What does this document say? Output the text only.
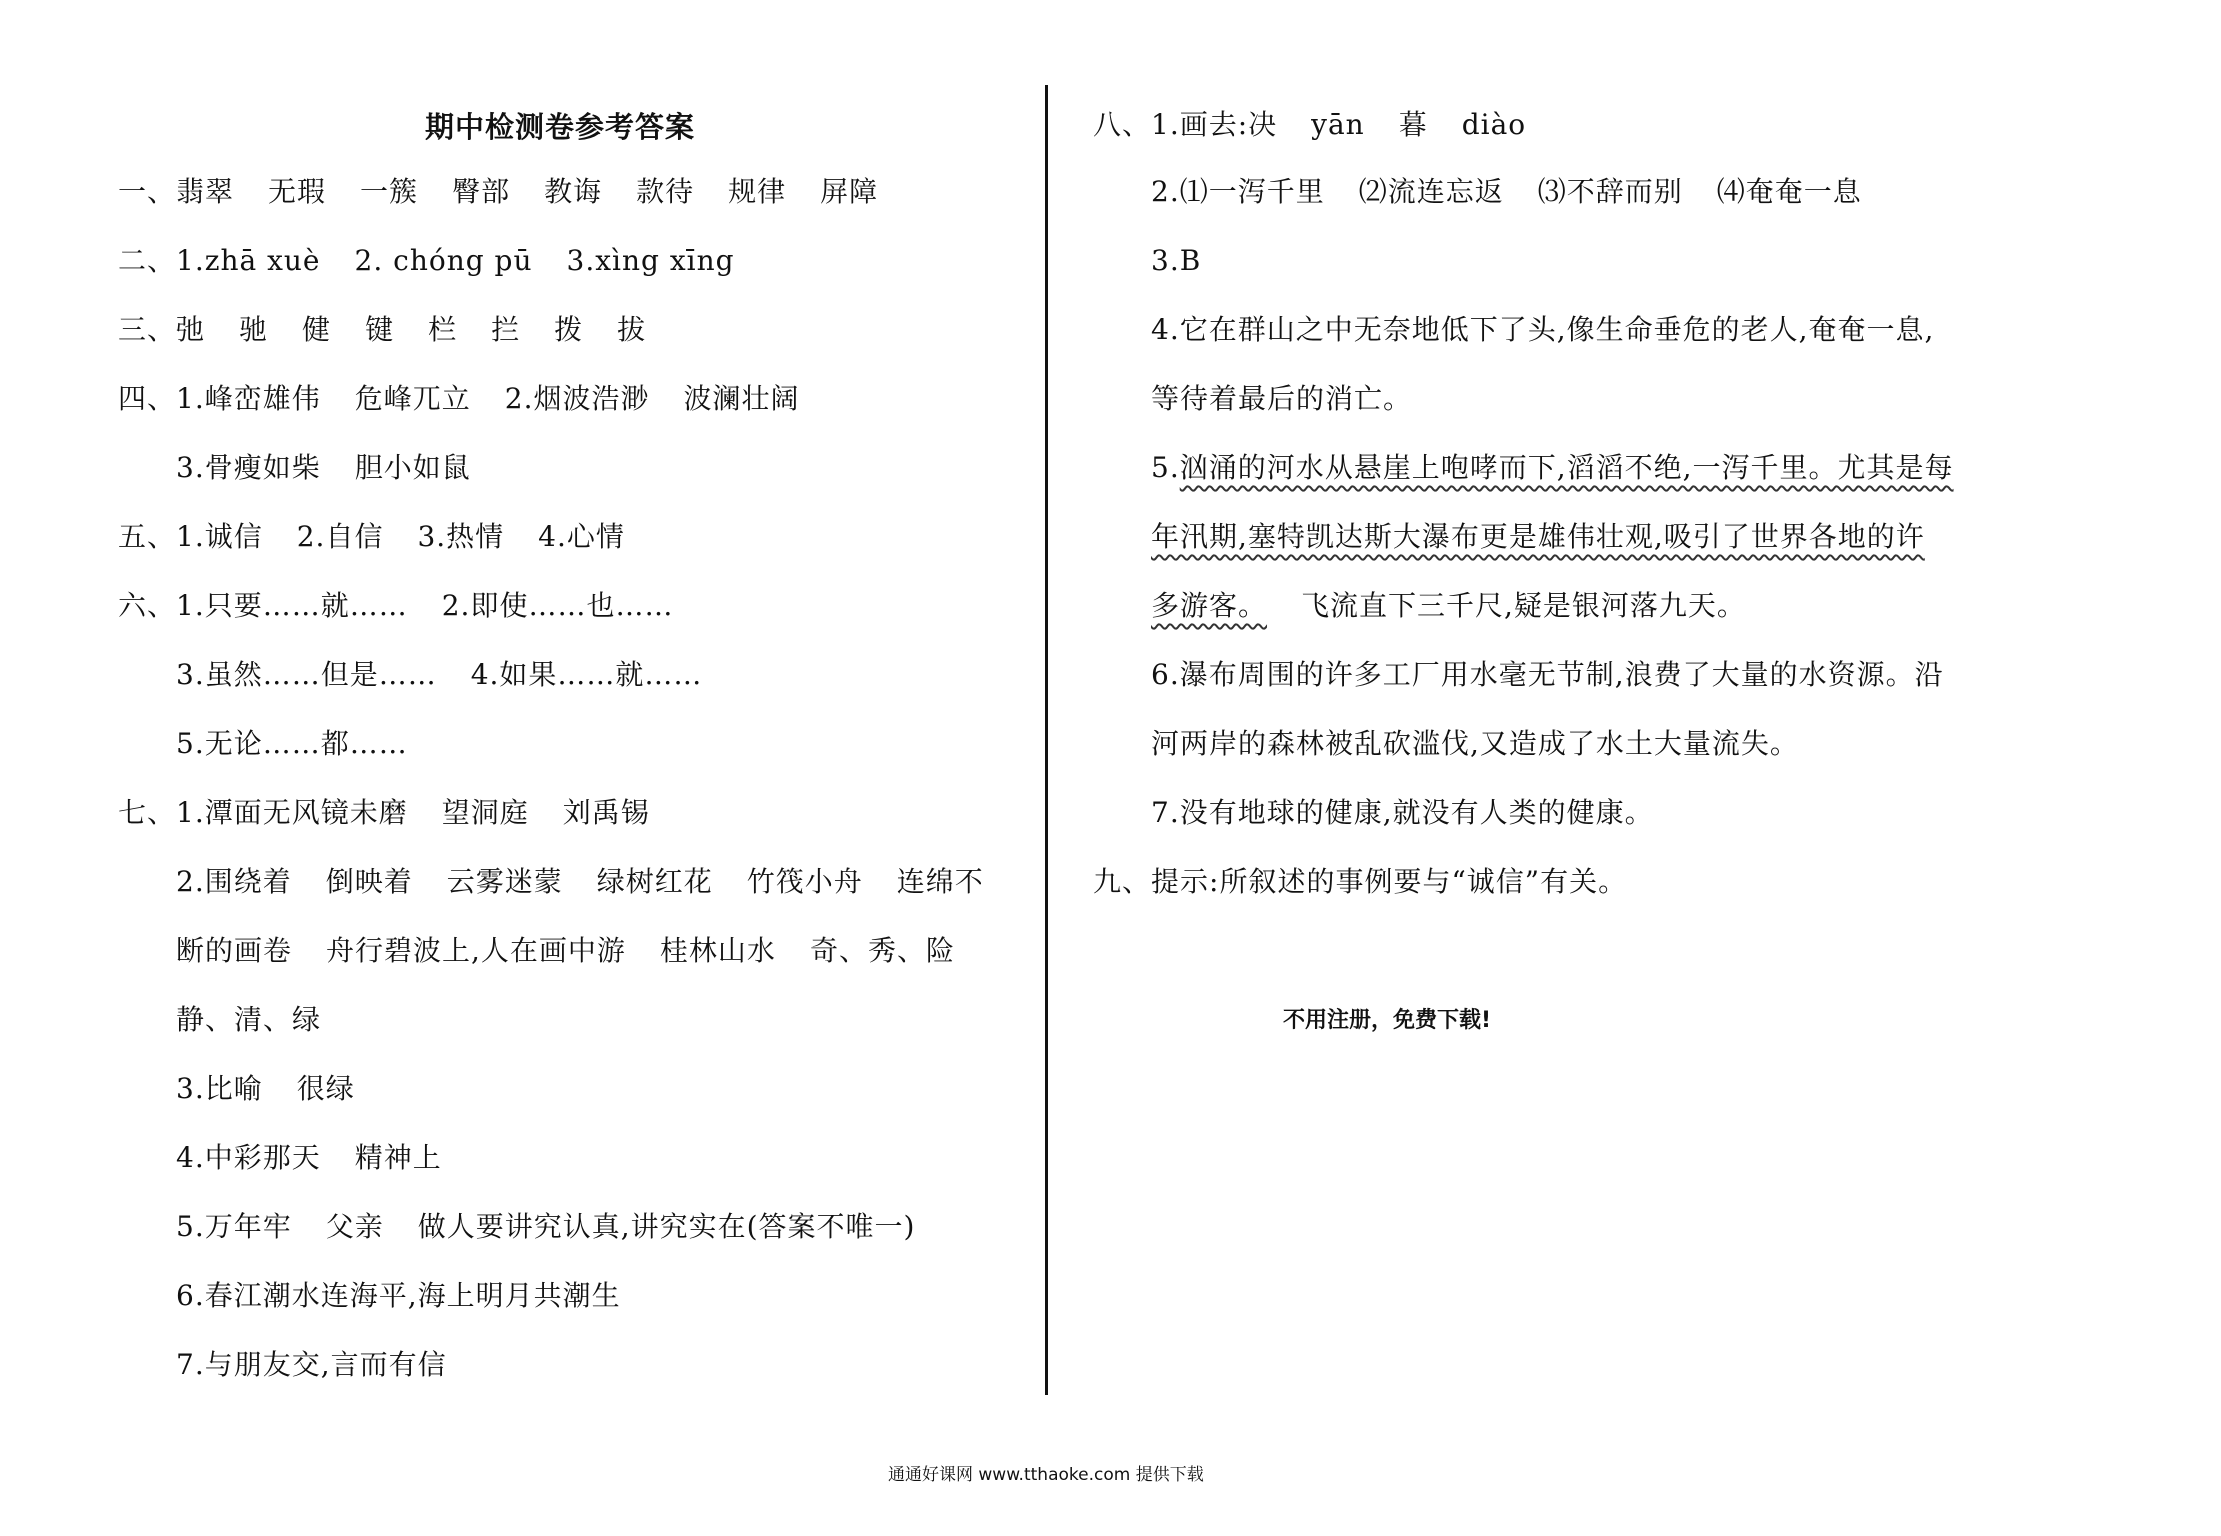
期中检测卷参考答案
一、翡翠 无瑕 一簇 臀部 教诲 款待 规律 屏障
二、1.zhā xuè 2. chóng pū 3.xìng xīng
三、弛 驰 健 键 栏 拦 拨 拔
四、1.峰峦雄伟 危峰兀立 2.烟波浩渺 波澜壮阔
3.骨瘦如柴 胆小如鼠
五、1.诚信 2.自信 3.热情 4.心情
六、1.只要……就…… 2.即使……也……
3.虽然……但是…… 4.如果……就……
5.无论……都……
七、1.潭面无风镜未磨 望洞庭 刘禹锡
2.围绕着 倒映着 云雾迷蒙 绿树红花 竹筏小舟 连绵不
断的画卷 舟行碧波上,人在画中游 桂林山水 奇、秀、险
静、清、绿
3.比喻 很绿
4.中彩那天 精神上
5.万年牢 父亲 做人要讲究认真,讲究实在(答案不唯一)
6.春江潮水连海平,海上明月共潮生
7.与朋友交,言而有信
八、1.画去:决 yān 暮 diào
2.⑴一泻千里 ⑵流连忘返 ⑶不辞而别 ⑷奄奄一息
3.B
4.它在群山之中无奈地低下了头,像生命垂危的老人,奄奄一息,
等待着最后的消亡。
5.汹涌的河水从悬崖上咆哮而下,滔滔不绝,一泻千里。尤其是每
年汛期,塞特凯达斯大瀑布更是雄伟壮观,吸引了世界各地的许
多游客。 飞流直下三千尺,疑是银河落九天。
6.瀑布周围的许多工厂用水毫无节制,浪费了大量的水资源。沿
河两岸的森林被乱砍滥伐,又造成了水土大量流失。
7.没有地球的健康,就没有人类的健康。
九、提示:所叙述的事例要与“诚信”有关。
不用注册，免费下载!
通通好课网 www.tthaoke.com 提供下载
